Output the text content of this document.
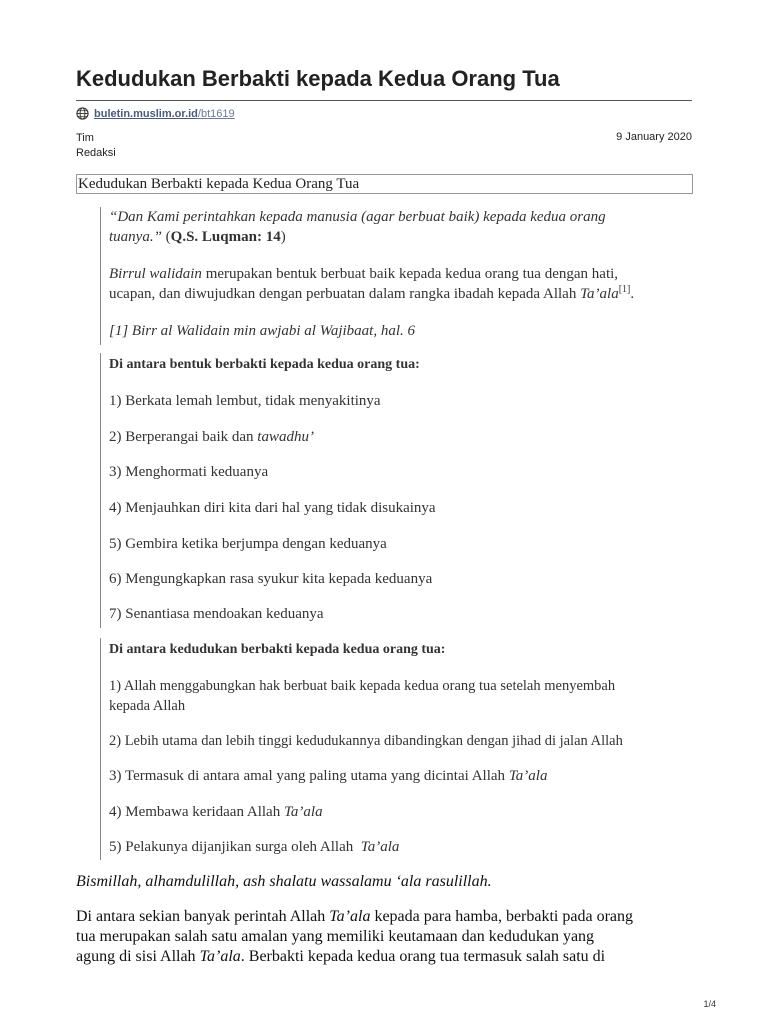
Kedudukan Berbakti kepada Kedua Orang Tua
buletin.muslim.or.id/bt1619
Tim
Redaksi
9 January 2020
Kedudukan Berbakti kepada Kedua Orang Tua

“Dan Kami perintahkan kepada manusia (agar berbuat baik) kepada kedua orang
tuanya.” (Q.S. Luqman: 14)

Birrul walidain merupakan bentuk berbuat baik kepada kedua orang tua dengan hati,
ucapan, dan diwujudkan dengan perbuatan dalam rangka ibadah kepada Allah Ta’ala[1].

[1] Birr al Walidain min awjabi al Wajibaat, hal. 6

Di antara bentuk berbakti kepada kedua orang tua:

1) Berkata lemah lembut, tidak menyakitinya

2) Berperangai baik dan tawadhu’

3) Menghormati keduanya

4) Menjauhkan diri kita dari hal yang tidak disukainya

5) Gembira ketika berjumpa dengan keduanya

6) Mengungkapkan rasa syukur kita kepada keduanya

7) Senantiasa mendoakan keduanya

Di antara kedudukan berbakti kepada kedua orang tua:

1) Allah menggabungkan hak berbuat baik kepada kedua orang tua setelah menyembah
kepada Allah

2) Lebih utama dan lebih tinggi kedudukannya dibandingkan dengan jihad di jalan Allah

3) Termasuk di antara amal yang paling utama yang dicintai Allah Ta’ala

4) Membawa keridaan Allah Ta’ala

5) Pelakunya dijanjikan surga oleh Allah  Ta’ala

Bismillah, alhamdulillah, ash shalatu wassalamu ‘ala rasulillah.

Di antara sekian banyak perintah Allah Ta’ala kepada para hamba, berbakti pada orang
tua merupakan salah satu amalan yang memiliki keutamaan dan kedudukan yang
agung di sisi Allah Ta’ala. Berbakti kepada kedua orang tua termasuk salah satu di

1/4
